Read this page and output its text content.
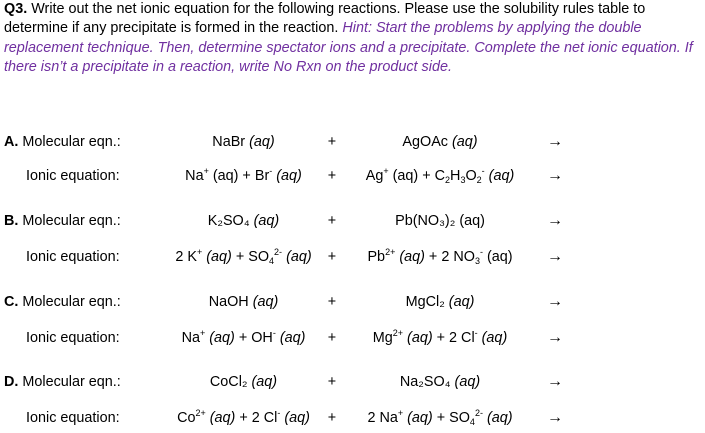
Q3. Write out the net ionic equation for the following reactions. Please use the solubility rules table to determine if any precipitate is formed in the reaction. Hint: Start the problems by applying the double replacement technique. Then, determine spectator ions and a precipitate. Complete the net ionic equation. If there isn’t a precipitate in a reaction, write No Rxn on the product side.
A. Molecular eqn.:	NaBr (aq)	+	AgOAc (aq)	→
Ionic equation:	Na+ (aq) + Br- (aq)	+	Ag+ $(aq) + C_2H_3O_2^-$ (aq)	→
B. Molecular eqn.:	K₂SO₄ (aq)	+	Pb(NO₃)₂ (aq)	→
Ionic equation:	2 K+ $(aq) + SO_4^{2-}$ (aq)	+	$Pb^{2+}$ (aq) + 2 $NO_3^-$ (aq)	→
C. Molecular eqn.:	NaOH (aq)	+	MgCl₂ (aq)	→
Ionic equation:	Na+ (aq) + OH- (aq)	+	$Mg^{2+}$ (aq) + 2 Cl- (aq)	→
D. Molecular eqn.:	CoCl₂ (aq)	+	Na₂SO₄ (aq)	→
Ionic equation:	$Co^{2+}$ (aq) + 2 Cl- (aq)	+	2 Na+ $(aq) + SO_4^{2-}$ (aq)	→
